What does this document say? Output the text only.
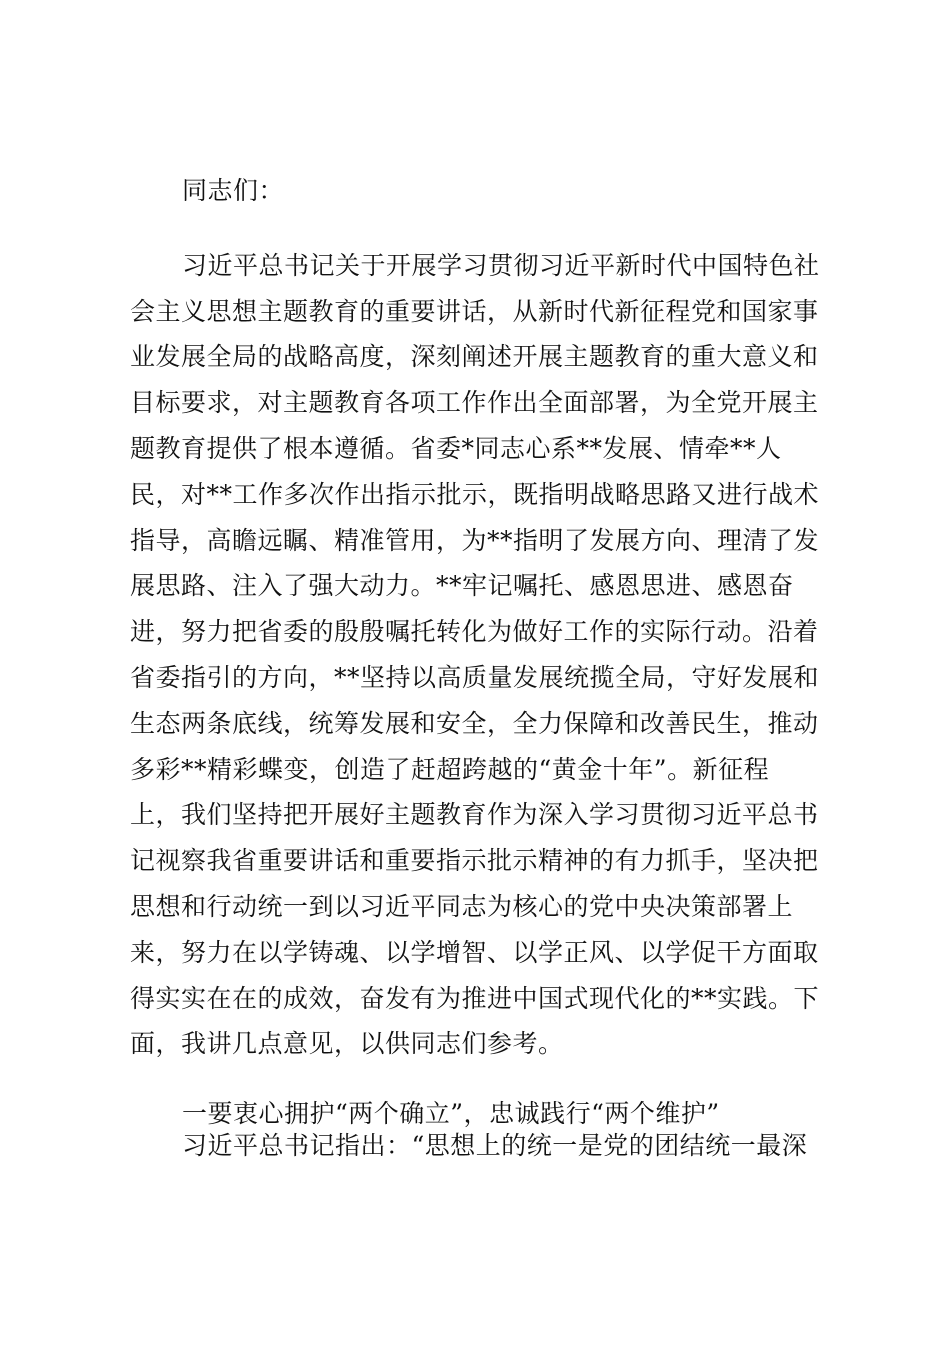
同志们：
习近平总书记关于开展学习贯彻习近平新时代中国特色社
会主义思想主题教育的重要讲话，从新时代新征程党和国家事
业发展全局的战略高度，深刻阐述开展主题教育的重大意义和
目标要求，对主题教育各项工作作出全面部署，为全党开展主
题教育提供了根本遵循。省委*同志心系**发展、情牵**人
民，对**工作多次作出指示批示，既指明战略思路又进行战术
指导，高瞻远瞩、精准管用，为**指明了发展方向、理清了发
展思路、注入了强大动力。**牢记嘱托、感恩思进、感恩奋
进，努力把省委的殷殷嘱托转化为做好工作的实际行动。沿着
省委指引的方向，**坚持以高质量发展统揽全局，守好发展和
生态两条底线，统筹发展和安全，全力保障和改善民生，推动
多彩**精彩蝶变，创造了赶超跨越的“黄金十年”。新征程
上，我们坚持把开展好主题教育作为深入学习贯彻习近平总书
记视察我省重要讲话和重要指示批示精神的有力抓手，坚决把
思想和行动统一到以习近平同志为核心的党中央决策部署上
来，努力在以学铸魂、以学增智、以学正风、以学促干方面取
得实实在在的成效，奋发有为推进中国式现代化的**实践。下
面，我讲几点意见，以供同志们参考。
一要衷心拥护“两个确立”，忠诚践行“两个维护”
习近平总书记指出：“思想上的统一是党的团结统一最深
